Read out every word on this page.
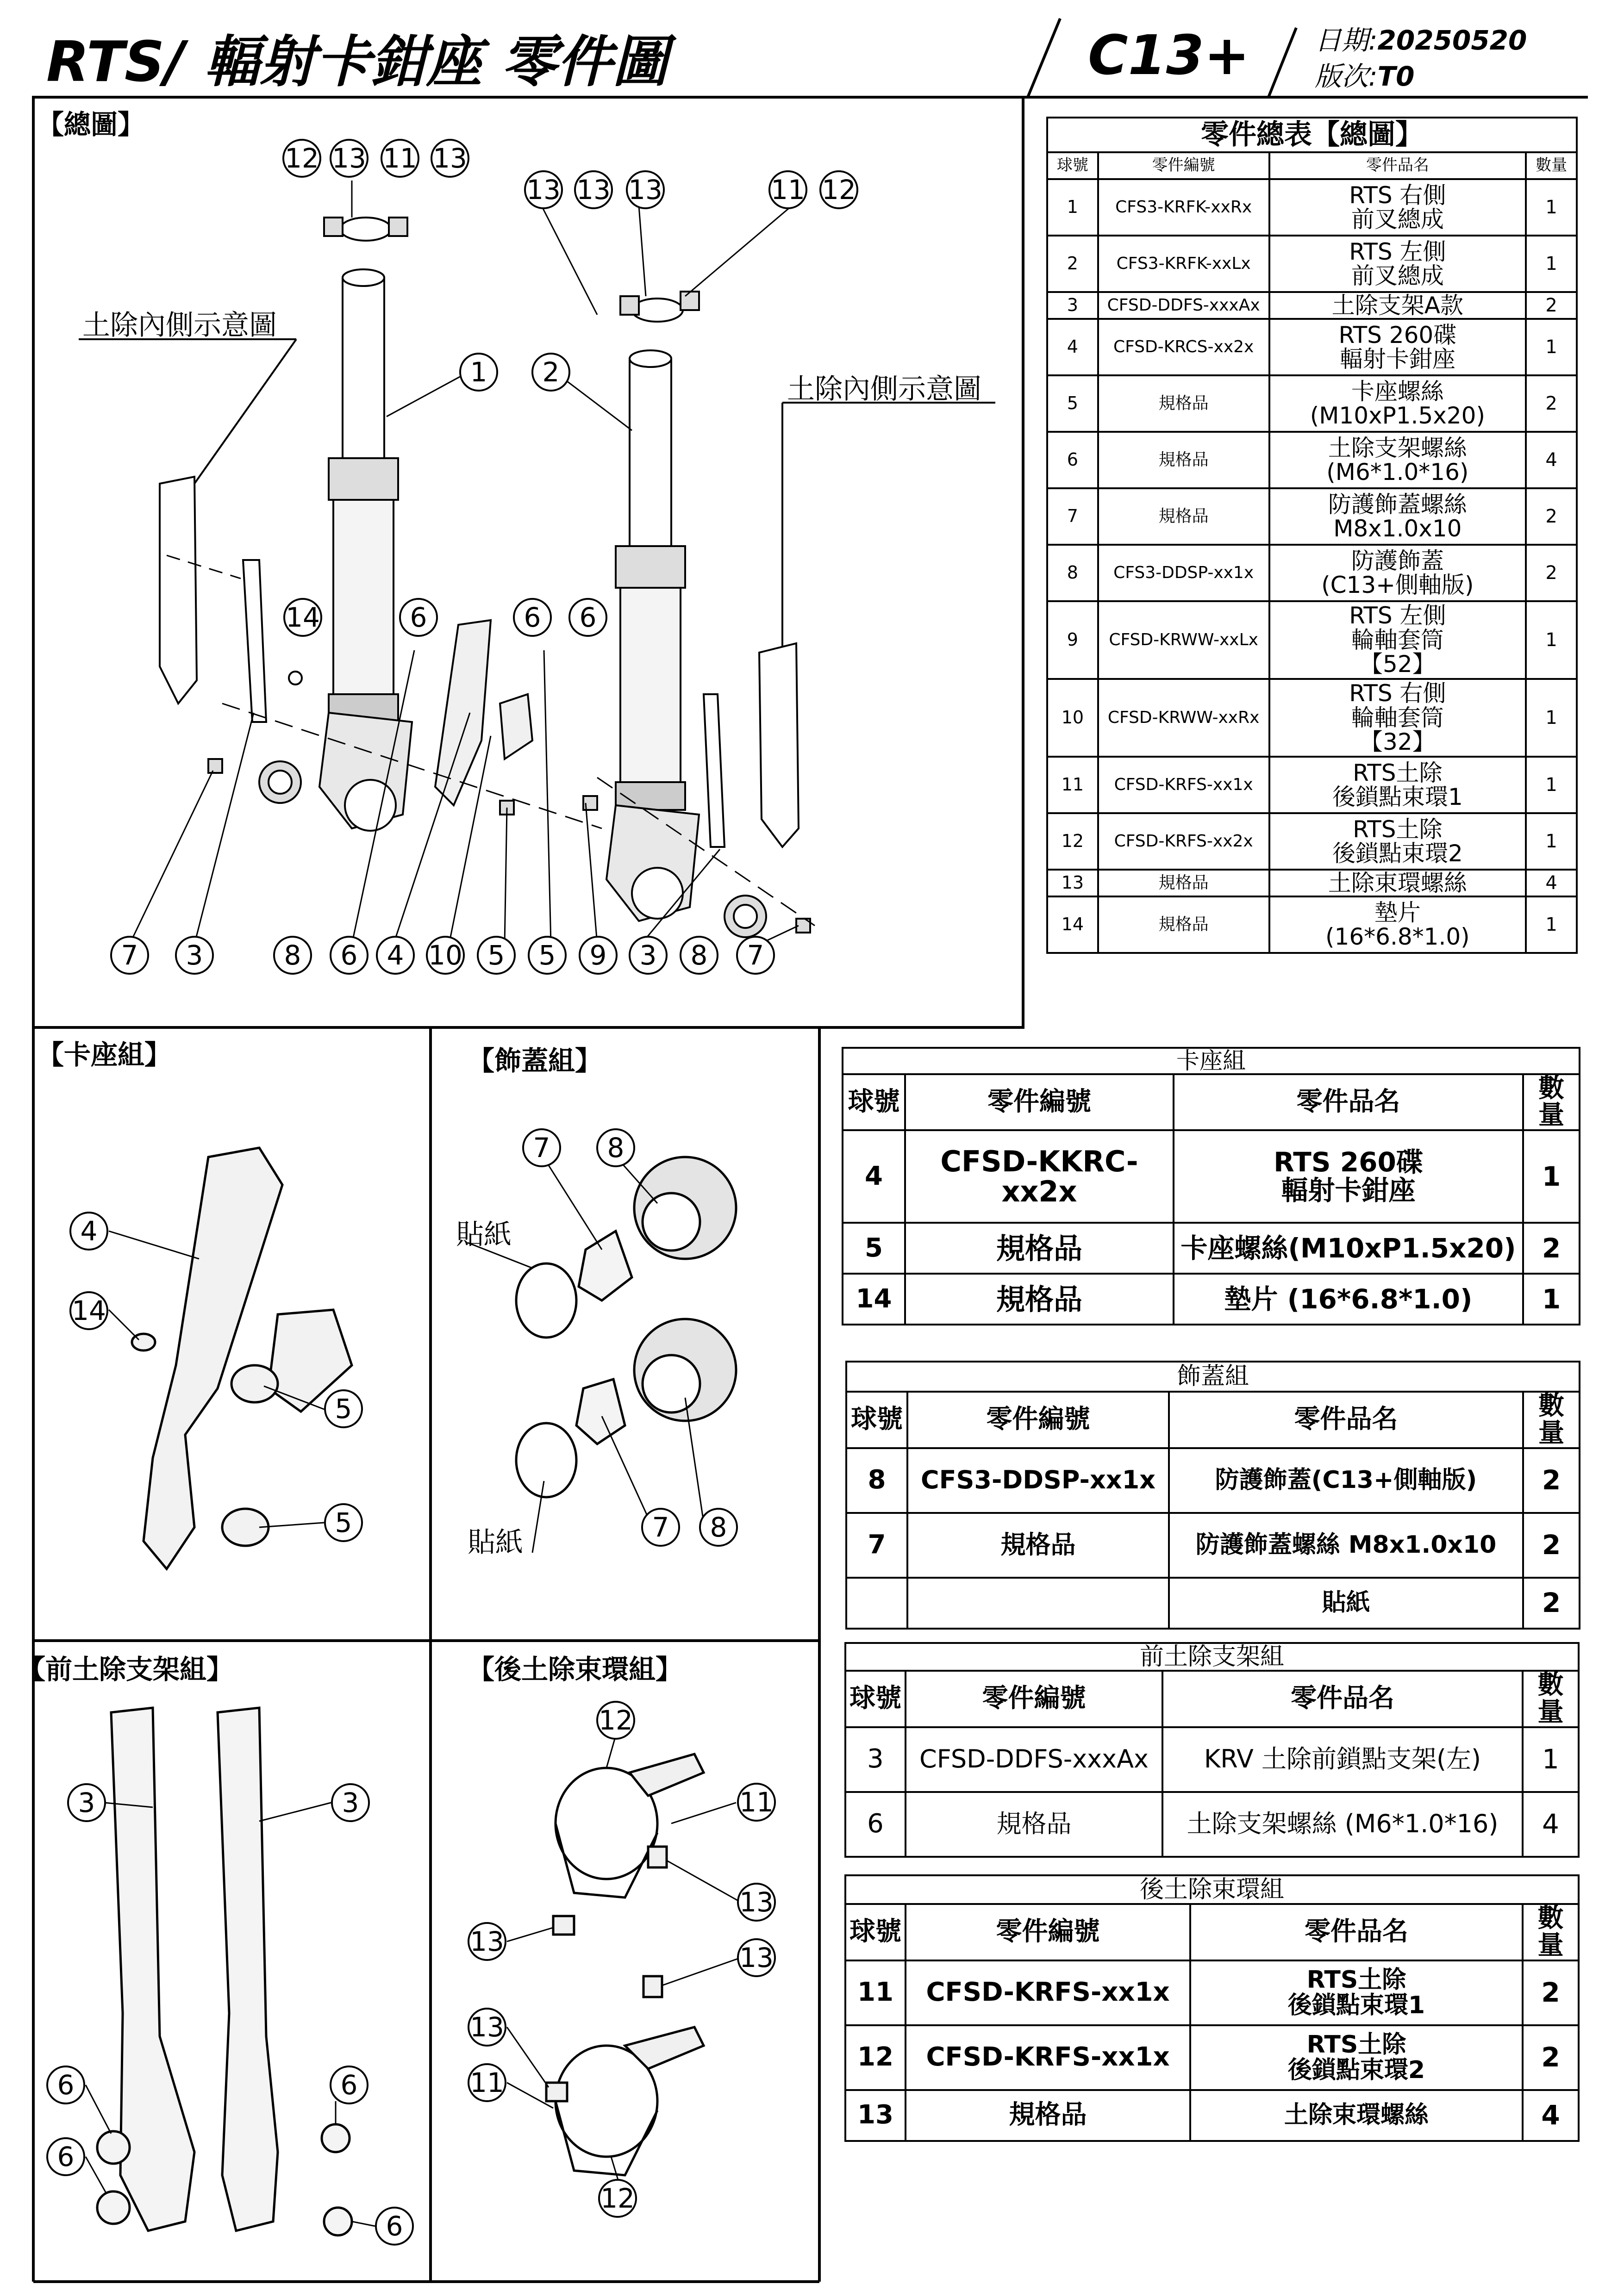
RTS/ 輻射卡鉗座 零件圖	C13+ 日期:20250520
版次:T0
【總圖】
土除內側示意圖
土除內側示意圖
12 13 11 13
13 13 13	11 12
1	2
14	6	6	6
7	3	8	6	4 10 5	5	9	3	8	7
零件總表【總圖】			
球號	零件編號	零件品名	數量
1	CFS3-KRFK-xxRx	RTS 右側
前叉總成	1
2	CFS3-KRFK-xxLx	RTS 左側
前叉總成	1
3	CFSD-DDFS-xxxAx	土除支架A款	2
4	CFSD-KRCS-xx2x	RTS 260碟
輻射卡鉗座	1
5	規格品	卡座螺絲
(M10xP1.5x20)	2
6	規格品	土除支架螺絲
(M6*1.0*16)	4
7	規格品	防護飾蓋螺絲
M8x1.0x10	2
8	CFS3-DDSP-xx1x	防護飾蓋
(C13+側軸版)	2
9	CFSD-KRWW-xxLx	RTS 左側
輪軸套筒
【52】	1
10	CFSD-KRWW-xxRx	RTS 右側
輪軸套筒
【32】	1
11	CFSD-KRFS-xx1x	RTS土除
後鎖點束環1	1
12	CFSD-KRFS-xx2x	RTS土除
後鎖點束環2	1
13	規格品	土除束環螺絲	4
14	規格品	墊片
(16*6.8*1.0)	1
【卡座組】
4
14
5
5
卡座組			
球號	零件編號	零件品名	數量
4	CFSD-KKRC-
xx2x	RTS 260碟
輻射卡鉗座	1
5	規格品	卡座螺絲(M10xP1.5x20)	2
14	規格品	墊片 (16*6.8*1.0)	1
【飾蓋組】
貼紙
貼紙
7	8
7	8
飾蓋組			
球號	零件編號	零件品名	數量
8	CFS3-DDSP-xx1x	防護飾蓋(C13+側軸版)	2
7	規格品	防護飾蓋螺絲 M8x1.0x10	2
		貼紙	2
【前土除支架組】
3	3
6
6
6
6
前土除支架組			
球號	零件編號	零件品名	數量
3	CFSD-DDFS-xxxAx	KRV 土除前鎖點支架(左)	1
6	規格品	土除支架螺絲 (M6*1.0*16)	4
【後土除束環組】
12
11
13
13
13
13
11
12
後土除束環組			
球號	零件編號	零件品名	數量
11	CFSD-KRFS-xx1x	RTS土除
後鎖點束環1	2
12	CFSD-KRFS-xx1x	RTS土除
後鎖點束環2	2
13	規格品	土除束環螺絲	4
